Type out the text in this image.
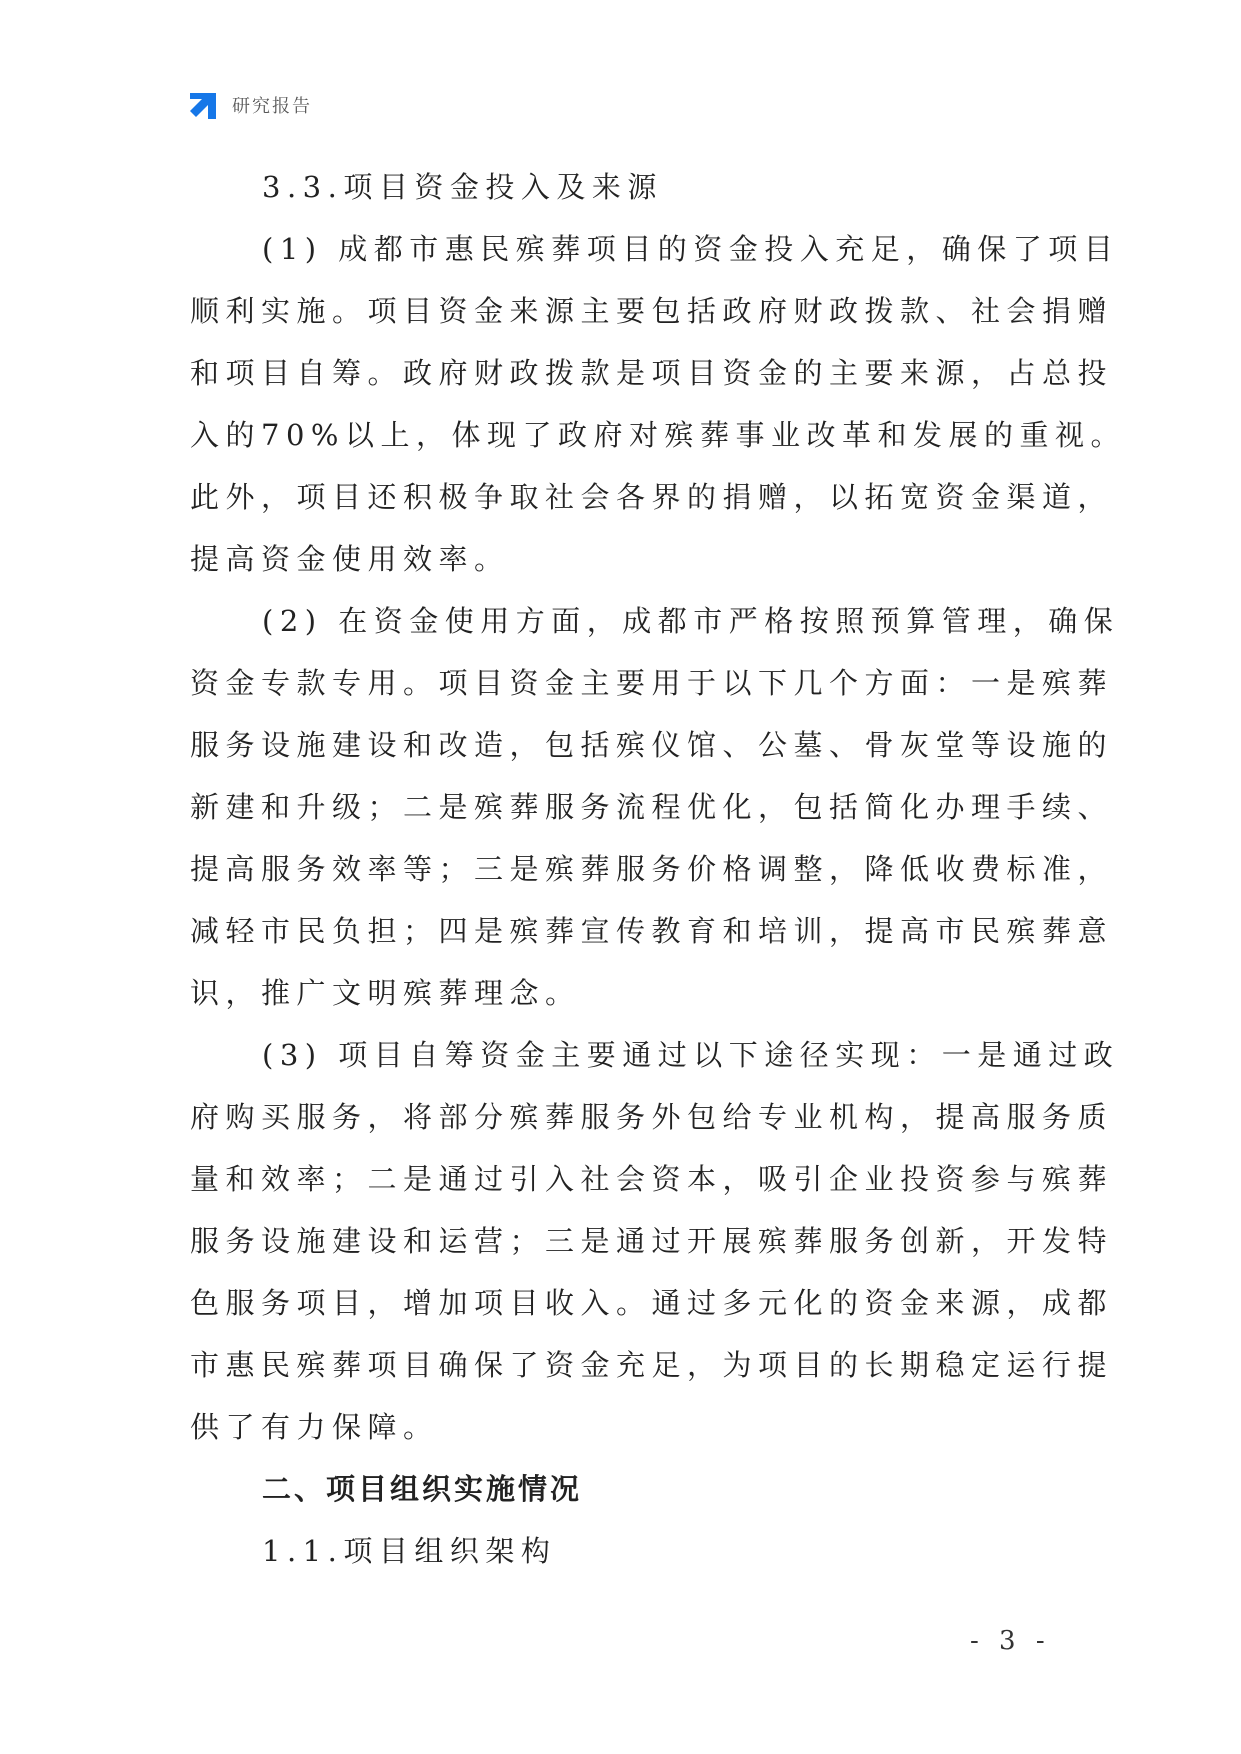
研究报告
3.3.项目资金投入及来源
(1) 成都市惠民殡葬项目的资金投入充足，确保了项目
顺利实施。项目资金来源主要包括政府财政拨款、社会捐赠
和项目自筹。政府财政拨款是项目资金的主要来源，占总投
入的70%以上，体现了政府对殡葬事业改革和发展的重视。
此外，项目还积极争取社会各界的捐赠，以拓宽资金渠道，
提高资金使用效率。
(2) 在资金使用方面，成都市严格按照预算管理，确保
资金专款专用。项目资金主要用于以下几个方面：一是殡葬
服务设施建设和改造，包括殡仪馆、公墓、骨灰堂等设施的
新建和升级；二是殡葬服务流程优化，包括简化办理手续、
提高服务效率等；三是殡葬服务价格调整，降低收费标准，
减轻市民负担；四是殡葬宣传教育和培训，提高市民殡葬意
识，推广文明殡葬理念。
(3) 项目自筹资金主要通过以下途径实现：一是通过政
府购买服务，将部分殡葬服务外包给专业机构，提高服务质
量和效率；二是通过引入社会资本，吸引企业投资参与殡葬
服务设施建设和运营；三是通过开展殡葬服务创新，开发特
色服务项目，增加项目收入。通过多元化的资金来源，成都
市惠民殡葬项目确保了资金充足，为项目的长期稳定运行提
供了有力保障。
二、项目组织实施情况
1.1.项目组织架构
- 3 -
